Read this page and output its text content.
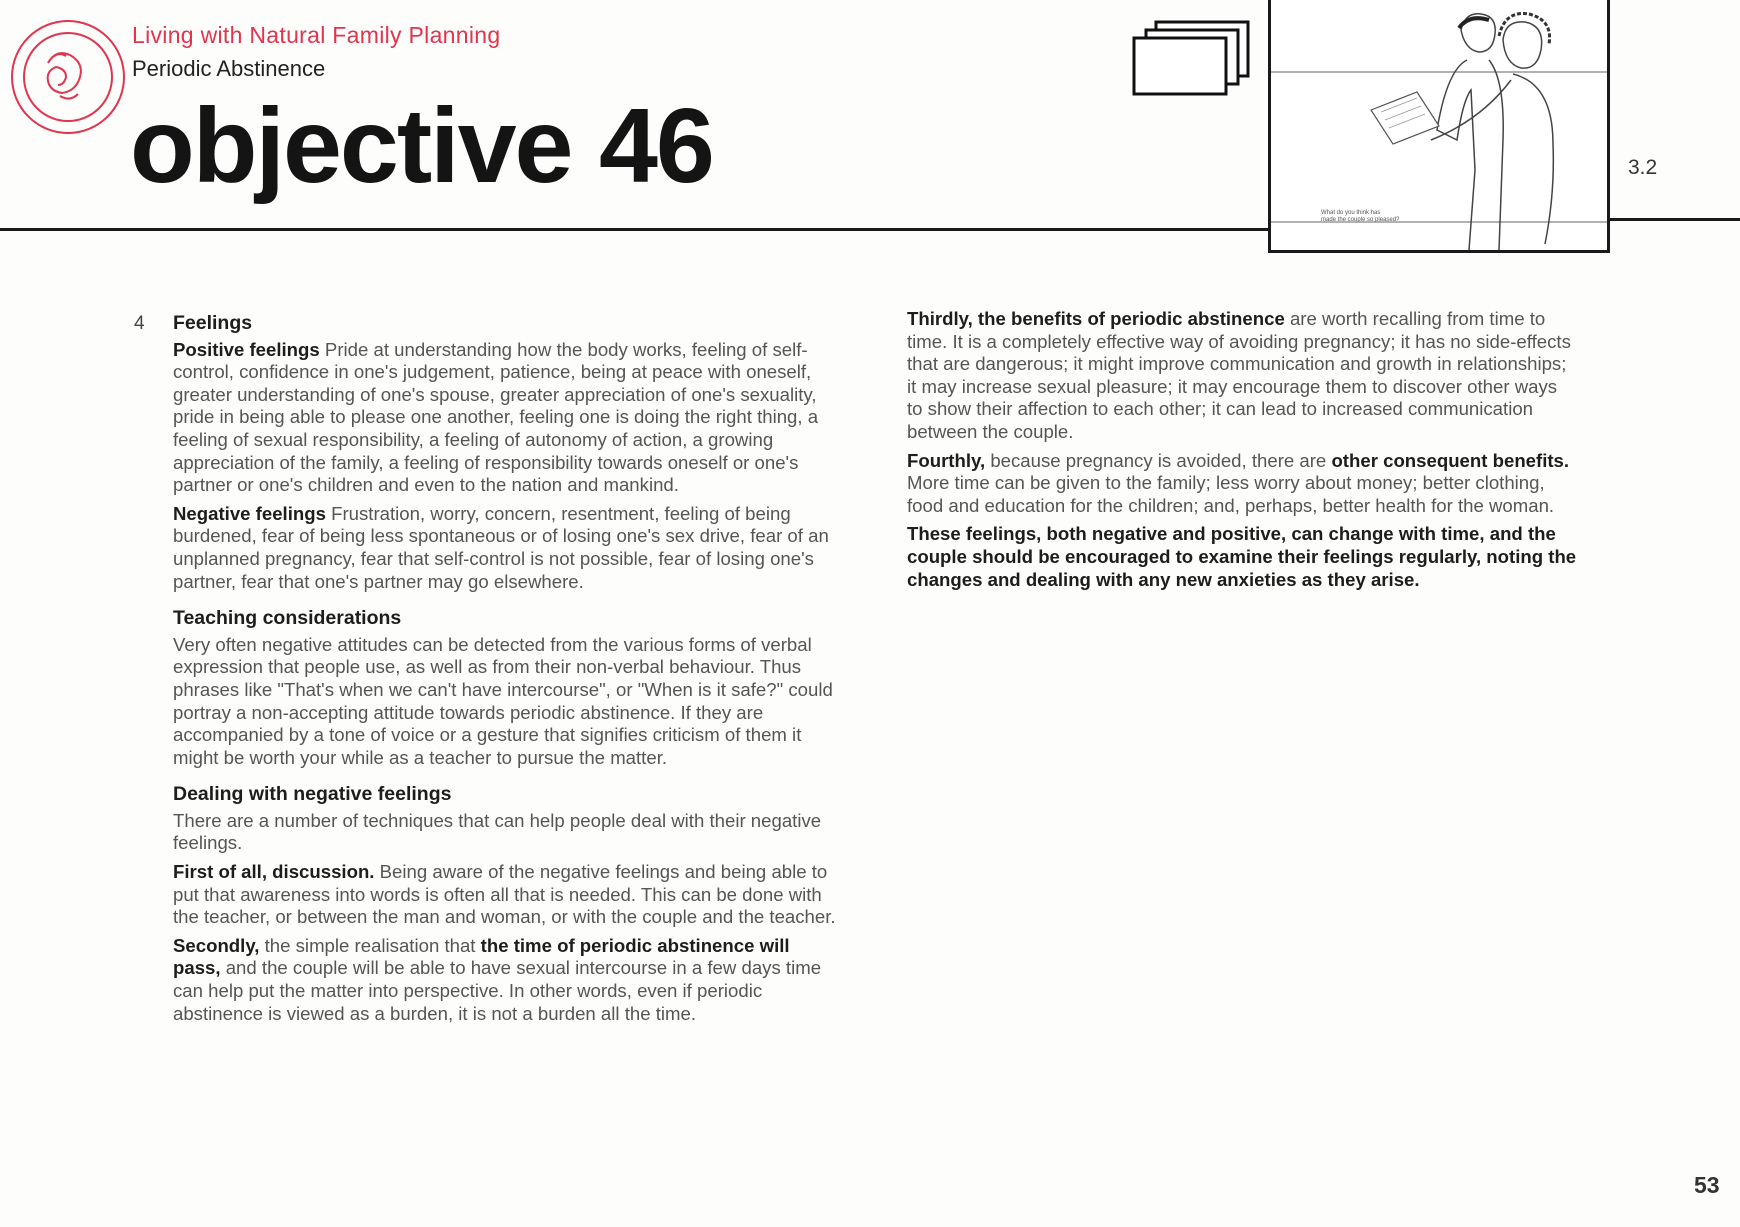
Living with Natural Family Planning
Periodic Abstinence
objective 46
What do you think has
made the couple so pleased?
3.2
4 Feelings

Positive feelings Pride at understanding how the body works, feeling of self-control, confidence in one's judgement, patience, being at peace with oneself, greater understanding of one's spouse, greater appreciation of one's sexuality, pride in being able to please one another, feeling one is doing the right thing, a feeling of sexual responsibility, a feeling of autonomy of action, a growing appreciation of the family, a feeling of responsibility towards oneself or one's partner or one's children and even to the nation and mankind.

Negative feelings Frustration, worry, concern, resentment, feeling of being burdened, fear of being less spontaneous or of losing one's sex drive, fear of an unplanned pregnancy, fear that self-control is not possible, fear of losing one's partner, fear that one's partner may go elsewhere.

Teaching considerations

Very often negative attitudes can be detected from the various forms of verbal expression that people use, as well as from their non-verbal behaviour. Thus phrases like "That's when we can't have intercourse", or "When is it safe?" could portray a non-accepting attitude towards periodic abstinence. If they are accompanied by a tone of voice or a gesture that signifies criticism of them it might be worth your while as a teacher to pursue the matter.

Dealing with negative feelings

There are a number of techniques that can help people deal with their negative feelings.

First of all, discussion. Being aware of the negative feelings and being able to put that awareness into words is often all that is needed. This can be done with the teacher, or between the man and woman, or with the couple and the teacher.

Secondly, the simple realisation that the time of periodic abstinence will pass, and the couple will be able to have sexual intercourse in a few days time can help put the matter into perspective. In other words, even if periodic abstinence is viewed as a burden, it is not a burden all the time.

Thirdly, the benefits of periodic abstinence are worth recalling from time to time. It is a completely effective way of avoiding pregnancy; it has no side-effects that are dangerous; it might improve communication and growth in relationships; it may increase sexual pleasure; it may encourage them to discover other ways to show their affection to each other; it can lead to increased communication between the couple.

Fourthly, because pregnancy is avoided, there are other consequent benefits. More time can be given to the family; less worry about money; better clothing, food and education for the children; and, perhaps, better health for the woman.

These feelings, both negative and positive, can change with time, and the couple should be encouraged to examine their feelings regularly, noting the changes and dealing with any new anxieties as they arise.

53
